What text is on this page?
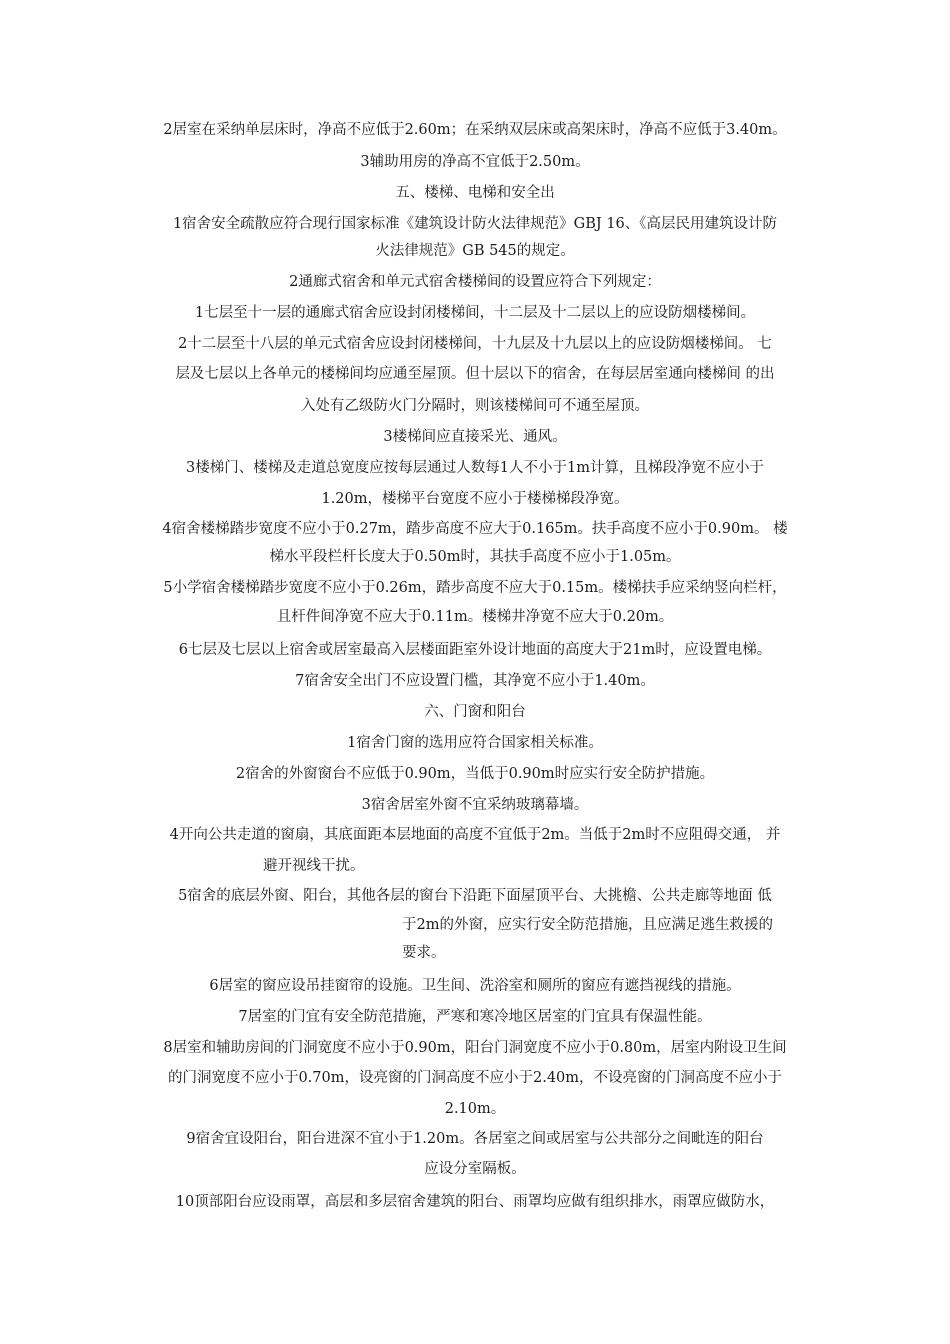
2居室在采纳单层床时，净高不应低于2.60m；在采纳双层床或高架床时，净高不应低于3.40m。
3辅助用房的净高不宜低于2.50m。
五、楼梯、电梯和安全出
1宿舍安全疏散应符合现行国家标准《建筑设计防火法律规范》GBJ 16、《高层民用建筑设计防
火法律规范》GB 545的规定。
2通廊式宿舍和单元式宿舍楼梯间的设置应符合下列规定：
1七层至十一层的通廊式宿舍应设封闭楼梯间，十二层及十二层以上的应设防烟楼梯间。
2十二层至十八层的单元式宿舍应设封闭楼梯间，十九层及十九层以上的应设防烟楼梯间。 七
层及七层以上各单元的楼梯间均应通至屋顶。但十层以下的宿舍，在每层居室通向楼梯间 的出
入处有乙级防火门分隔时，则该楼梯间可不通至屋顶。
3楼梯间应直接采光、通风。
3楼梯门、楼梯及走道总宽度应按每层通过人数每1人不小于1m计算，且梯段净宽不应小于
1.20m，楼梯平台宽度不应小于楼梯梯段净宽。
4宿舍楼梯踏步宽度不应小于0.27m，踏步高度不应大于0.165m。扶手高度不应小于0.90m。 楼
梯水平段栏杆长度大于0.50m时，其扶手高度不应小于1.05m。
5小学宿舍楼梯踏步宽度不应小于0.26m，踏步高度不应大于0.15m。楼梯扶手应采纳竖向栏杆，
且杆件间净宽不应大于0.11m。楼梯井净宽不应大于0.20m。
6七层及七层以上宿舍或居室最高入层楼面距室外设计地面的高度大于21m时，应设置电梯。
7宿舍安全出门不应设置门槛，其净宽不应小于1.40m。
六、门窗和阳台
1宿舍门窗的选用应符合国家相关标准。
2宿舍的外窗窗台不应低于0.90m，当低于0.90m时应实行安全防护措施。
3宿舍居室外窗不宜采纳玻璃幕墙。
4开向公共走道的窗扇，其底面距本层地面的高度不宜低于2m。当低于2m时不应阻碍交通， 并
避开视线干扰。
5宿舍的底层外窗、阳台，其他各层的窗台下沿距下面屋顶平台、大挑檐、公共走廊等地面 低
于2m的外窗，应实行安全防范措施，且应满足逃生救援的
要求。
6居室的窗应设吊挂窗帘的设施。卫生间、洗浴室和厕所的窗应有遮挡视线的措施。
7居室的门宜有安全防范措施，严寒和寒冷地区居室的门宜具有保温性能。
8居室和辅助房间的门洞宽度不应小于0.90m，阳台门洞宽度不应小于0.80m，居室内附设卫生间
的门洞宽度不应小于0.70m，设亮窗的门洞高度不应小于2.40m，不设亮窗的门洞高度不应小于
2.10m。
9宿舍宜设阳台，阳台进深不宜小于1.20m。各居室之间或居室与公共部分之间毗连的阳台
应设分室隔板。
10顶部阳台应设雨罩，高层和多层宿舍建筑的阳台、雨罩均应做有组织排水，雨罩应做防水，
